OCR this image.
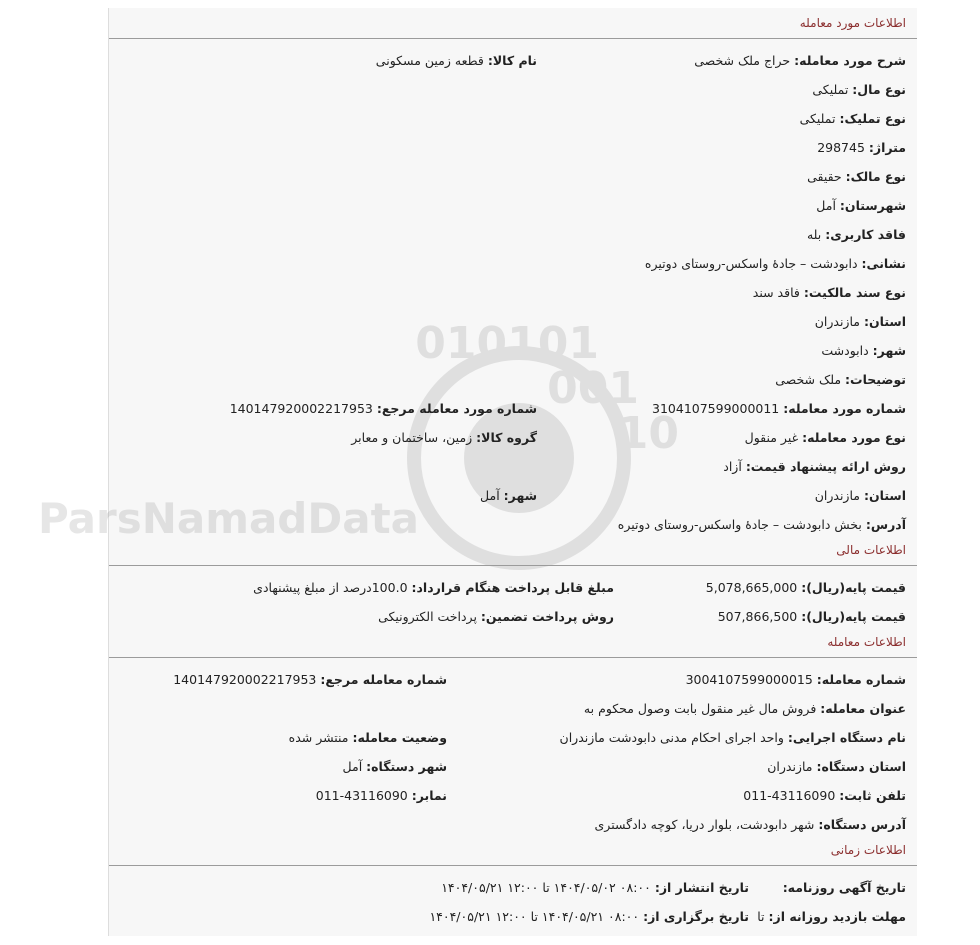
010101
001
10
ParsNamadData
اطلاعات مورد معامله
شرح مورد معامله: حراج ملک شخصی
نام کالا: قطعه زمین مسکونی
نوع مال: تملیکی
نوع تملیک: تملیکی
متراژ: 298745
نوع مالک: حقیقی
شهرستان: آمل
فاقد کاربری: بله
نشانی: دابودشت – جادهٔ واسکس-روستای دوتیره
نوع سند مالکیت: فاقد سند
استان: مازندران
شهر: دابودشت
توضیحات: ملک شخصی
شماره مورد معامله: 3104107599000011
شماره مورد معامله مرجع: 140147920002217953
نوع مورد معامله: غیر منقول
گروه کالا: زمین، ساختمان و معابر
روش ارائه پیشنهاد قیمت: آزاد
استان: مازندران
شهر: آمل
آدرس: بخش دابودشت – جادهٔ واسکس-روستای دوتیره
اطلاعات مالی
قیمت پایه(ریال): 5,078,665,000
مبلغ قابل پرداخت هنگام قرارداد: 100.0درصد از مبلغ پیشنهادی
قیمت پایه(ریال): 507,866,500
روش پرداخت تضمین: پرداخت الکترونیکی
اطلاعات معامله
شماره معامله: 3004107599000015
شماره معامله مرجع: 140147920002217953
عنوان معامله: فروش مال غیر منقول بابت وصول محکوم به
نام دستگاه اجرایی: واحد اجرای احکام مدنی دابودشت مازندران
وضعیت معامله: منتشر شده
استان دستگاه: مازندران
شهر دستگاه: آمل
تلفن ثابت: 43116090-011
نمابر: 43116090-011
آدرس دستگاه: شهر دابودشت، بلوار دریا، کوچه دادگستری
اطلاعات زمانی
تاریخ آگهی روزنامه:
تاریخ انتشار از: ۰۸:۰۰ ۱۴۰۴/۰۵/۰۲ تا ۱۲:۰۰ ۱۴۰۴/۰۵/۲۱
مهلت بازدید روزانه از: تا
تاریخ برگزاری از: ۰۸:۰۰ ۱۴۰۴/۰۵/۲۱ تا ۱۲:۰۰ ۱۴۰۴/۰۵/۲۱
